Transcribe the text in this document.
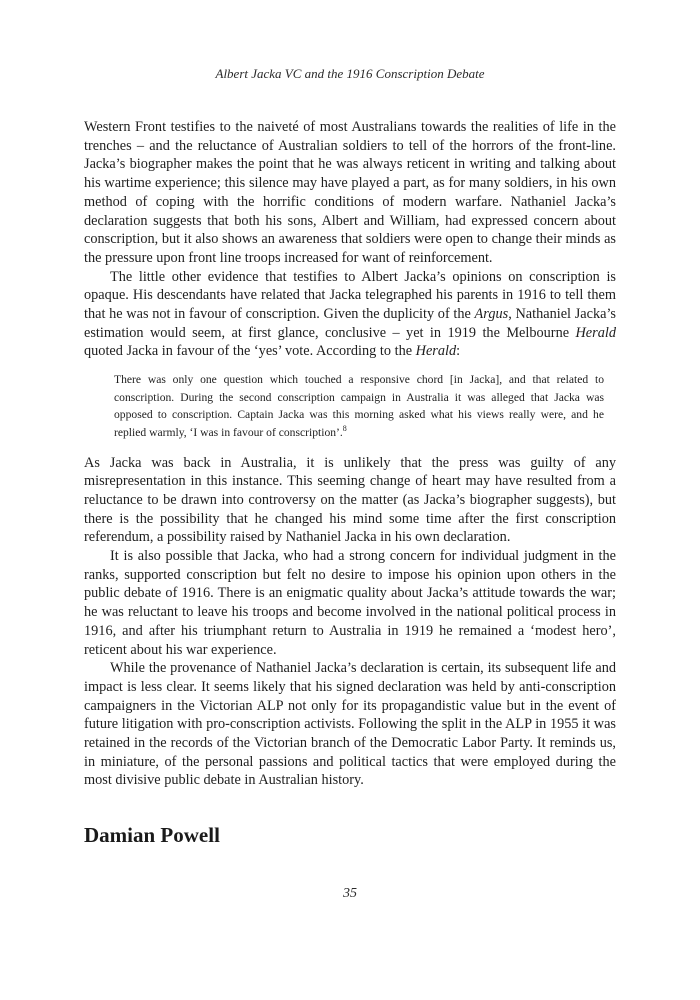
Albert Jacka VC and the 1916 Conscription Debate

Western Front testifies to the naiveté of most Australians towards the realities of life in the trenches – and the reluctance of Australian soldiers to tell of the horrors of the front-line. Jacka’s biographer makes the point that he was always reticent in writing and talking about his wartime experience; this silence may have played a part, as for many soldiers, in his own method of coping with the horrific conditions of modern warfare. Nathaniel Jacka’s declaration suggests that both his sons, Albert and William, had expressed concern about conscription, but it also shows an awareness that soldiers were open to change their minds as the pressure upon front line troops increased for want of reinforcement.

The little other evidence that testifies to Albert Jacka’s opinions on conscription is opaque. His descendants have related that Jacka telegraphed his parents in 1916 to tell them that he was not in favour of conscription. Given the duplicity of the Argus, Nathaniel Jacka’s estimation would seem, at first glance, conclusive – yet in 1919 the Melbourne Herald quoted Jacka in favour of the ‘yes’ vote. According to the Herald:

There was only one question which touched a responsive chord [in Jacka], and that related to conscription. During the second conscription campaign in Australia it was alleged that Jacka was opposed to conscription. Captain Jacka was this morning asked what his views really were, and he replied warmly, ‘I was in favour of conscription’.$^8$

As Jacka was back in Australia, it is unlikely that the press was guilty of any misrepresentation in this instance. This seeming change of heart may have resulted from a reluctance to be drawn into controversy on the matter (as Jacka’s biographer suggests), but there is the possibility that he changed his mind some time after the first conscription referendum, a possibility raised by Nathaniel Jacka in his own declaration.

It is also possible that Jacka, who had a strong concern for individual judgment in the ranks, supported conscription but felt no desire to impose his opinion upon others in the public debate of 1916. There is an enigmatic quality about Jacka’s attitude towards the war; he was reluctant to leave his troops and become involved in the national political process in 1916, and after his triumphant return to Australia in 1919 he remained a ‘modest hero’, reticent about his war experience.

While the provenance of Nathaniel Jacka’s declaration is certain, its subsequent life and impact is less clear. It seems likely that his signed declaration was held by anti-conscription campaigners in the Victorian ALP not only for its propagandistic value but in the event of future litigation with pro-conscription activists. Following the split in the ALP in 1955 it was retained in the records of the Victorian branch of the Democratic Labor Party. It reminds us, in miniature, of the personal passions and political tactics that were employed during the most divisive public debate in Australian history.

Damian Powell
35
